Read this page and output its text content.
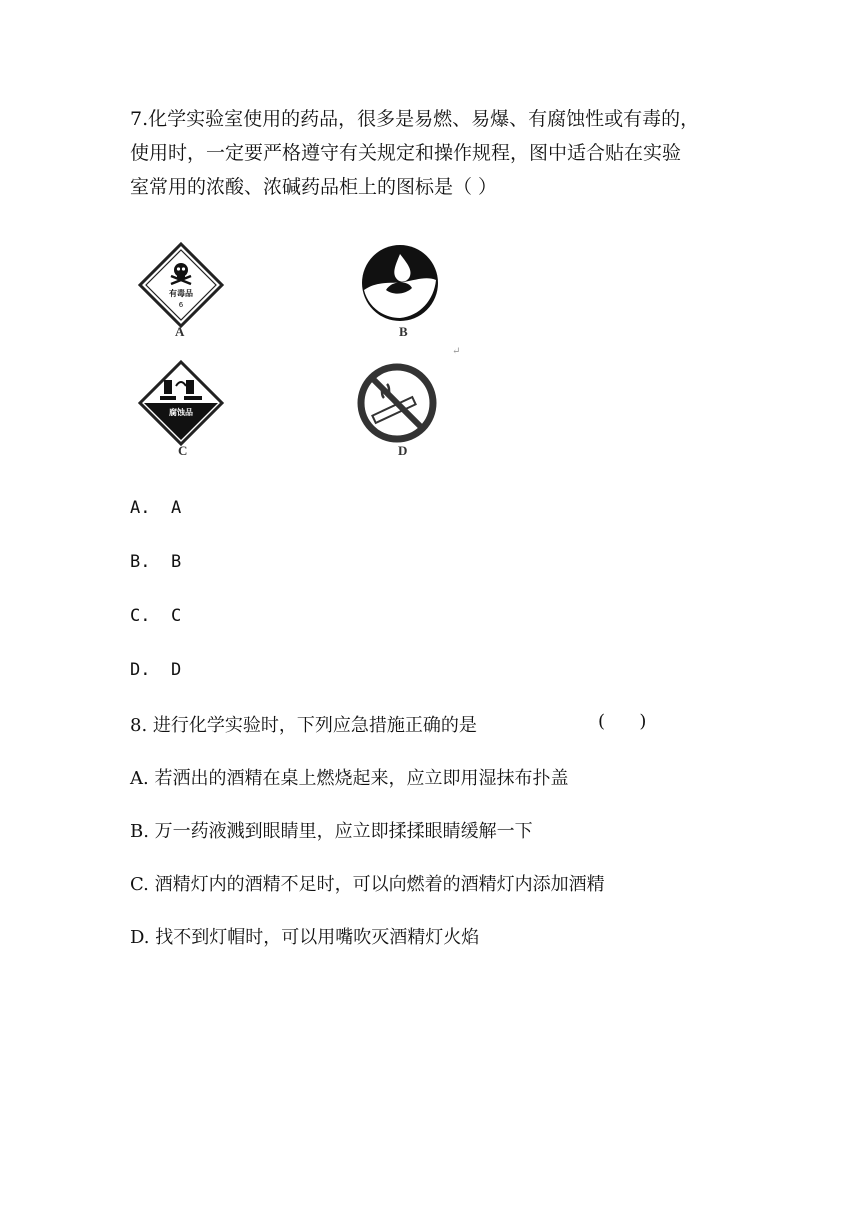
7.化学实验室使用的药品，很多是易燃、易爆、有腐蚀性或有毒的，

使用时，一定要严格遵守有关规定和操作规程，图中适合贴在实验

室常用的浓酸、浓碱药品柜上的图标是（ ）

有毒品
6
A	B
↵
腐蚀品
C	D
A.  A
B.  B
C.  C
D.  D
8. 进行化学实验时，下列应急措施正确的是	(      )
A. 若洒出的酒精在桌上燃烧起来，应立即用湿抹布扑盖
B. 万一药液溅到眼睛里，应立即揉揉眼睛缓解一下
C. 酒精灯内的酒精不足时，可以向燃着的酒精灯内添加酒精
D. 找不到灯帽时，可以用嘴吹灭酒精灯火焰
